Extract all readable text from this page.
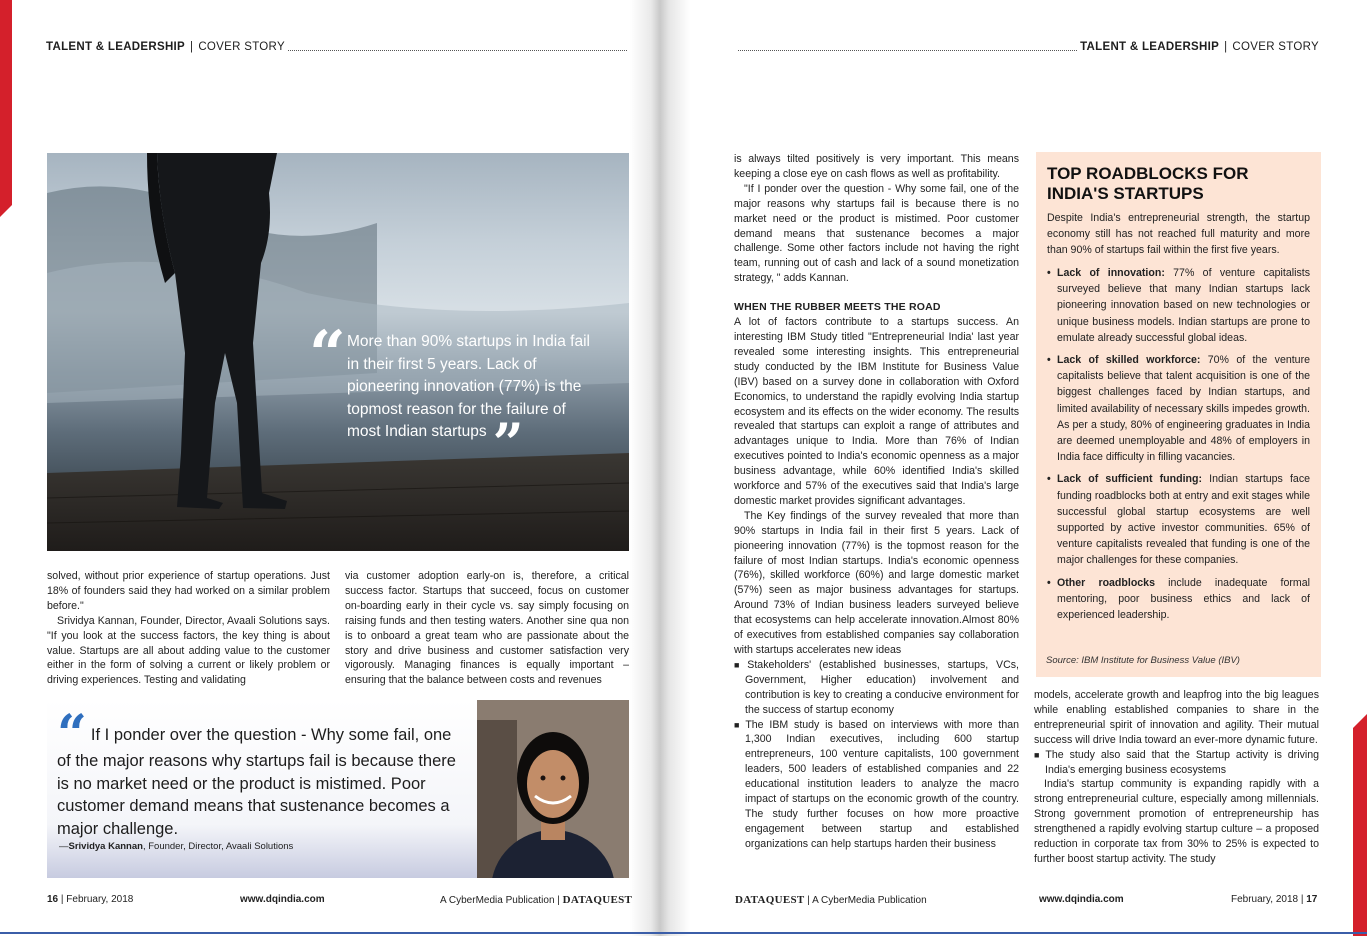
TALENT & LEADERSHIP | COVER STORY	TALENT & LEADERSHIP | COVER STORY
“ More than 90% startups in India fail in their first 5 years. Lack of pioneering innovation (77%) is the topmost reason for the failure of most Indian startups ”

solved, without prior experience of startup operations. Just 18% of founders said they had worked on a similar problem before."

Srividya Kannan, Founder, Director, Avaali Solutions says. "If you look at the success factors, the key thing is about value. Startups are all about adding value to the customer either in the form of solving a current or likely problem or driving experiences. Testing and validating

via customer adoption early-on is, therefore, a critical success factor. Startups that succeed, focus on customer on-boarding early in their cycle vs. say simply focusing on raising funds and then testing waters. Another sine qua non is to onboard a great team who are passionate about the story and drive business and customer satisfaction very vigorously. Managing finances is equally important – ensuring that the balance between costs and revenues

“ If I ponder over the question - Why some fail, one of the major reasons why startups fail is because there is no market need or the product is mistimed. Poor customer demand means that sustenance becomes a major challenge.
—Srividya Kannan, Founder, Director, Avaali Solutions
16 | February, 2018	www.dqindia.com	A CyberMedia Publication | DATAQUEST

is always tilted positively is very important. This means keeping a close eye on cash flows as well as profitability.

"If I ponder over the question - Why some fail, one of the major reasons why startups fail is because there is no market need or the product is mistimed. Poor customer demand means that sustenance becomes a major challenge. Some other factors include not having the right team, running out of cash and lack of a sound monetization strategy, " adds Kannan.

WHEN THE RUBBER MEETS THE ROAD

A lot of factors contribute to a startups success. An interesting IBM Study titled "Entrepreneurial India' last year revealed some interesting insights. This entrepreneurial study conducted by the IBM Institute for Business Value (IBV) based on a survey done in collaboration with Oxford Economics, to understand the rapidly evolving India startup ecosystem and its effects on the wider economy. The results revealed that startups can exploit a range of attributes and advantages unique to India. More than 76% of Indian executives pointed to India's economic openness as a major business advantage, while 60% identified India's skilled workforce and 57% of the executives said that India's large domestic market provides significant advantages.

The Key findings of the survey revealed that more than 90% startups in India fail in their first 5 years. Lack of pioneering innovation (77%) is the topmost reason for the failure of most Indian startups. India's economic openness (76%), skilled workforce (60%) and large domestic market (57%) seen as major business advantages for startups. Around 73% of Indian business leaders surveyed believe that ecosystems can help accelerate innovation.Almost 80% of executives from established companies say collaboration with startups accelerates new ideas

■ Stakeholders' (established businesses, startups, VCs, Government, Higher education) involvement and contribution is key to creating a conducive environment for the success of startup economy

■ The IBM study is based on interviews with more than 1,300 Indian executives, including 600 startup entrepreneurs, 100 venture capitalists, 100 government leaders, 500 leaders of established companies and 22 educational institution leaders to analyze the macro impact of startups on the economic growth of the country. The study further focuses on how more proactive engagement between startup and established organizations can help startups harden their business

TOP ROADBLOCKS FOR INDIA'S STARTUPS
Despite India's entrepreneurial strength, the startup economy still has not reached full maturity and more than 90% of startups fail within the first five years.
• Lack of innovation: 77% of venture capitalists surveyed believe that many Indian startups lack pioneering innovation based on new technologies or unique business models. Indian startups are prone to emulate already successful global ideas.
• Lack of skilled workforce: 70% of the venture capitalists believe that talent acquisition is one of the biggest challenges faced by Indian startups, and limited availability of necessary skills impedes growth. As per a study, 80% of engineering graduates in India are deemed unemployable and 48% of employers in India face difficulty in filling vacancies.
• Lack of sufficient funding: Indian startups face funding roadblocks both at entry and exit stages while successful global startup ecosystems are well supported by active investor communities. 65% of venture capitalists revealed that funding is one of the major challenges for these companies.
• Other roadblocks include inadequate formal mentoring, poor business ethics and lack of experienced leadership.
Source: IBM Institute for Business Value (IBV)

models, accelerate growth and leapfrog into the big leagues while enabling established companies to share in the entrepreneurial spirit of innovation and agility. Their mutual success will drive India toward an ever-more dynamic future.

■ The study also said that the Startup activity is driving India's emerging business ecosystems

India's startup community is expanding rapidly with a strong entrepreneurial culture, especially among millennials. Strong government promotion of entrepreneurship has strengthened a rapidly evolving startup culture – a proposed reduction in corporate tax from 30% to 25% is expected to further boost startup activity. The study

DATAQUEST | A CyberMedia Publication	www.dqindia.com	February, 2018 | 17
